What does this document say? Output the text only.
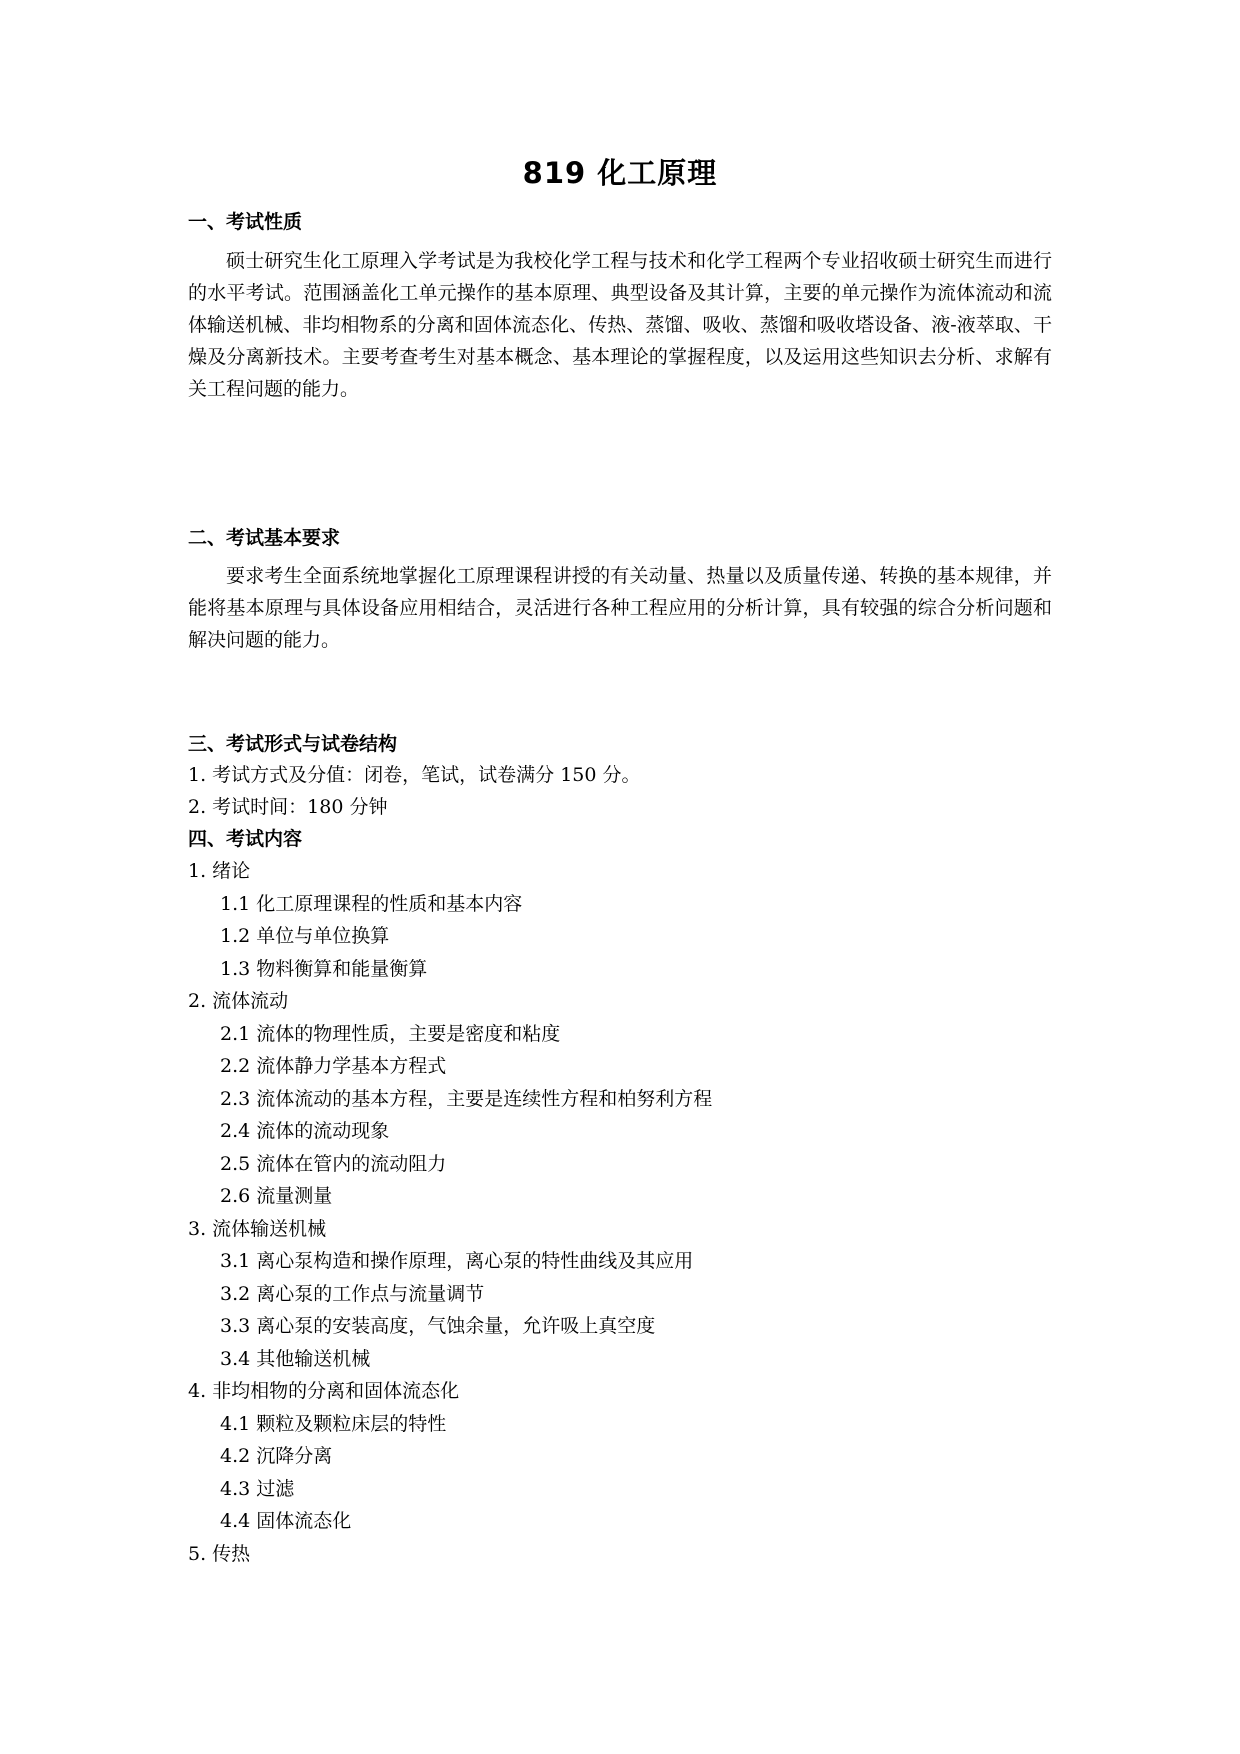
819 化工原理
一、考试性质

硕士研究生化工原理入学考试是为我校化学工程与技术和化学工程两个专业招收硕士研究生而进行的水平考试。范围涵盖化工单元操作的基本原理、典型设备及其计算，主要的单元操作为流体流动和流体输送机械、非均相物系的分离和固体流态化、传热、蒸馏、吸收、蒸馏和吸收塔设备、液-液萃取、干燥及分离新技术。主要考查考生对基本概念、基本理论的掌握程度，以及运用这些知识去分析、求解有关工程问题的能力。

二、考试基本要求

要求考生全面系统地掌握化工原理课程讲授的有关动量、热量以及质量传递、转换的基本规律，并能将基本原理与具体设备应用相结合，灵活进行各种工程应用的分析计算，具有较强的综合分析问题和解决问题的能力。

三、考试形式与试卷结构
1. 考试方式及分值：闭卷，笔试，试卷满分 150 分。
2. 考试时间：180 分钟
四、考试内容
1. 绪论
1.1 化工原理课程的性质和基本内容
1.2 单位与单位换算
1.3 物料衡算和能量衡算
2. 流体流动
2.1 流体的物理性质，主要是密度和粘度
2.2 流体静力学基本方程式
2.3 流体流动的基本方程，主要是连续性方程和柏努利方程
2.4 流体的流动现象
2.5 流体在管内的流动阻力
2.6 流量测量
3. 流体输送机械
3.1 离心泵构造和操作原理，离心泵的特性曲线及其应用
3.2 离心泵的工作点与流量调节
3.3 离心泵的安装高度，气蚀余量，允许吸上真空度
3.4 其他输送机械
4. 非均相物的分离和固体流态化
4.1 颗粒及颗粒床层的特性
4.2 沉降分离
4.3 过滤
4.4 固体流态化
5. 传热
